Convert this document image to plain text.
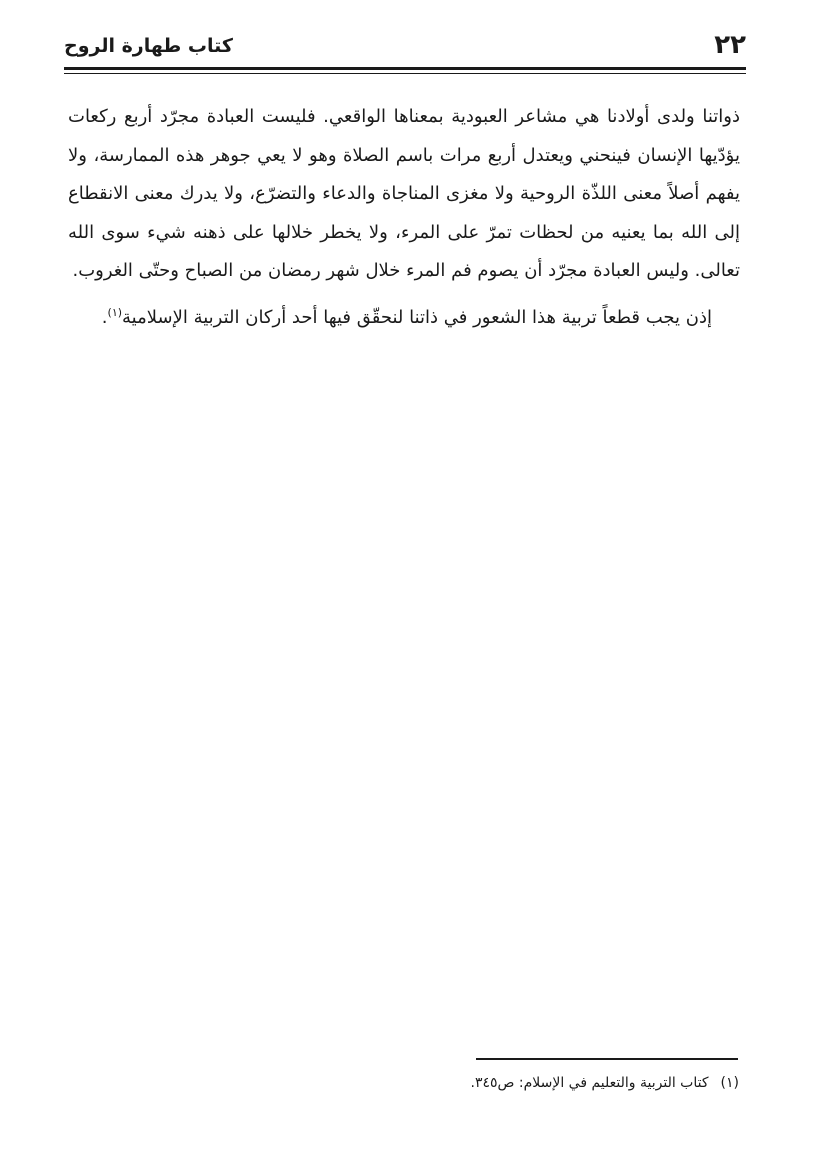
٢٢
كتاب طهارة الروح

ذواتنا ولدى أولادنا هي مشاعر العبودية بمعناها الواقعي. فليست العبادة مجرّد أربع ركعات يؤدّيها الإنسان فينحني ويعتدل أربع مرات باسم الصلاة وهو لا يعي جوهر هذه الممارسة، ولا يفهم أصلاً معنى اللذّة الروحية ولا مغزى المناجاة والدعاء والتضرّع، ولا يدرك معنى الانقطاع إلى الله بما يعنيه من لحظات تمرّ على المرء، ولا يخطر خلالها على ذهنه شيء سوى الله تعالى. وليس العبادة مجرّد أن يصوم فم المرء خلال شهر رمضان من الصباح وحتّى الغروب.

إذن يجب قطعاً تربية هذا الشعور في ذاتنا لنحقّق فيها أحد أركان التربية الإسلامية$^{(١)}$.

(١)كتاب التربية والتعليم في الإسلام: ص٣٤٥.
